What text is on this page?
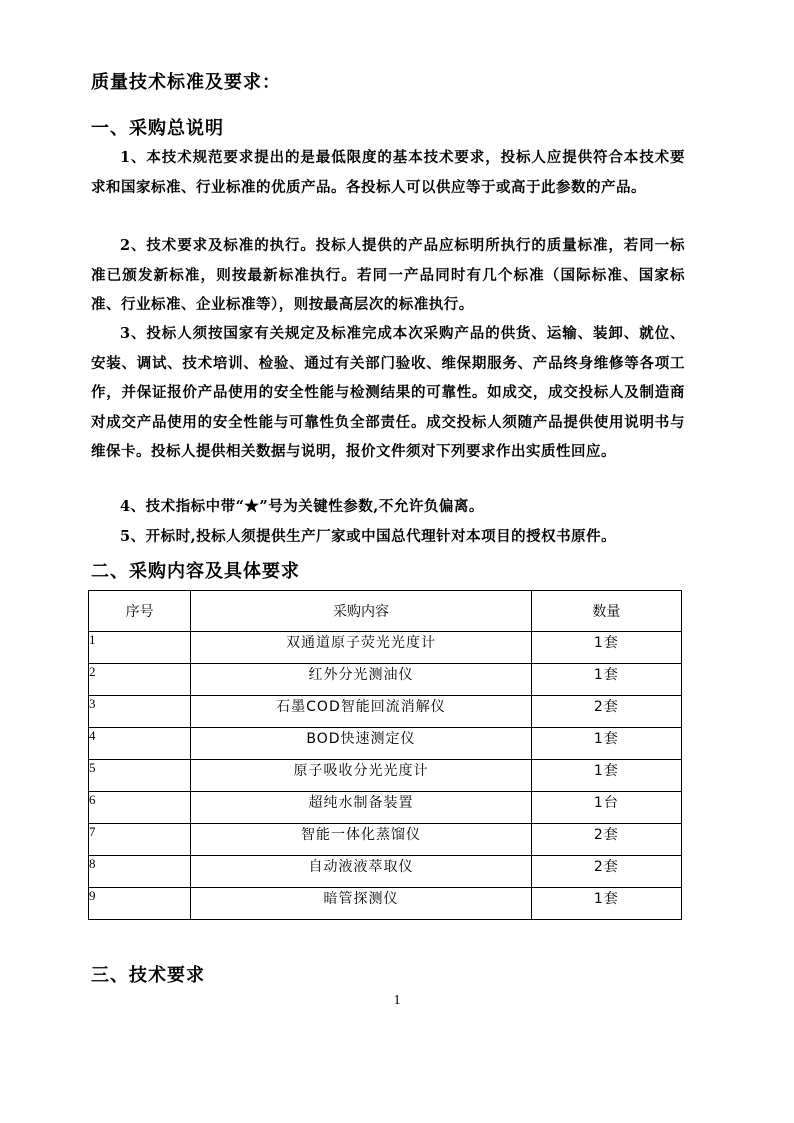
质量技术标准及要求：
一、采购总说明

1、本技术规范要求提出的是最低限度的基本技术要求，投标人应提供符合本技术要求和国家标准、行业标准的优质产品。各投标人可以供应等于或高于此参数的产品。

2、技术要求及标准的执行。投标人提供的产品应标明所执行的质量标准，若同一标准已颁发新标准，则按最新标准执行。若同一产品同时有几个标准（国际标准、国家标准、行业标准、企业标准等），则按最高层次的标准执行。

3、投标人须按国家有关规定及标准完成本次采购产品的供货、运输、装卸、就位、安装、调试、技术培训、检验、通过有关部门验收、维保期服务、产品终身维修等各项工作，并保证报价产品使用的安全性能与检测结果的可靠性。如成交，成交投标人及制造商对成交产品使用的安全性能与可靠性负全部责任。成交投标人须随产品提供使用说明书与维保卡。投标人提供相关数据与说明，报价文件须对下列要求作出实质性回应。

4、技术指标中带“★”号为关键性参数,不允许负偏离。

5、开标时,投标人须提供生产厂家或中国总代理针对本项目的授权书原件。

二、采购内容及具体要求
序号	采购内容	数量
1	双通道原子荧光光度计	1套
2	红外分光测油仪	1套
3	石墨COD智能回流消解仪	2套
4	BOD快速测定仪	1套
5	原子吸收分光光度计	1套
6	超纯水制备装置	1台
7	智能一体化蒸馏仪	2套
8	自动液液萃取仪	2套
9	暗管探测仪	1套
三、技术要求
1
